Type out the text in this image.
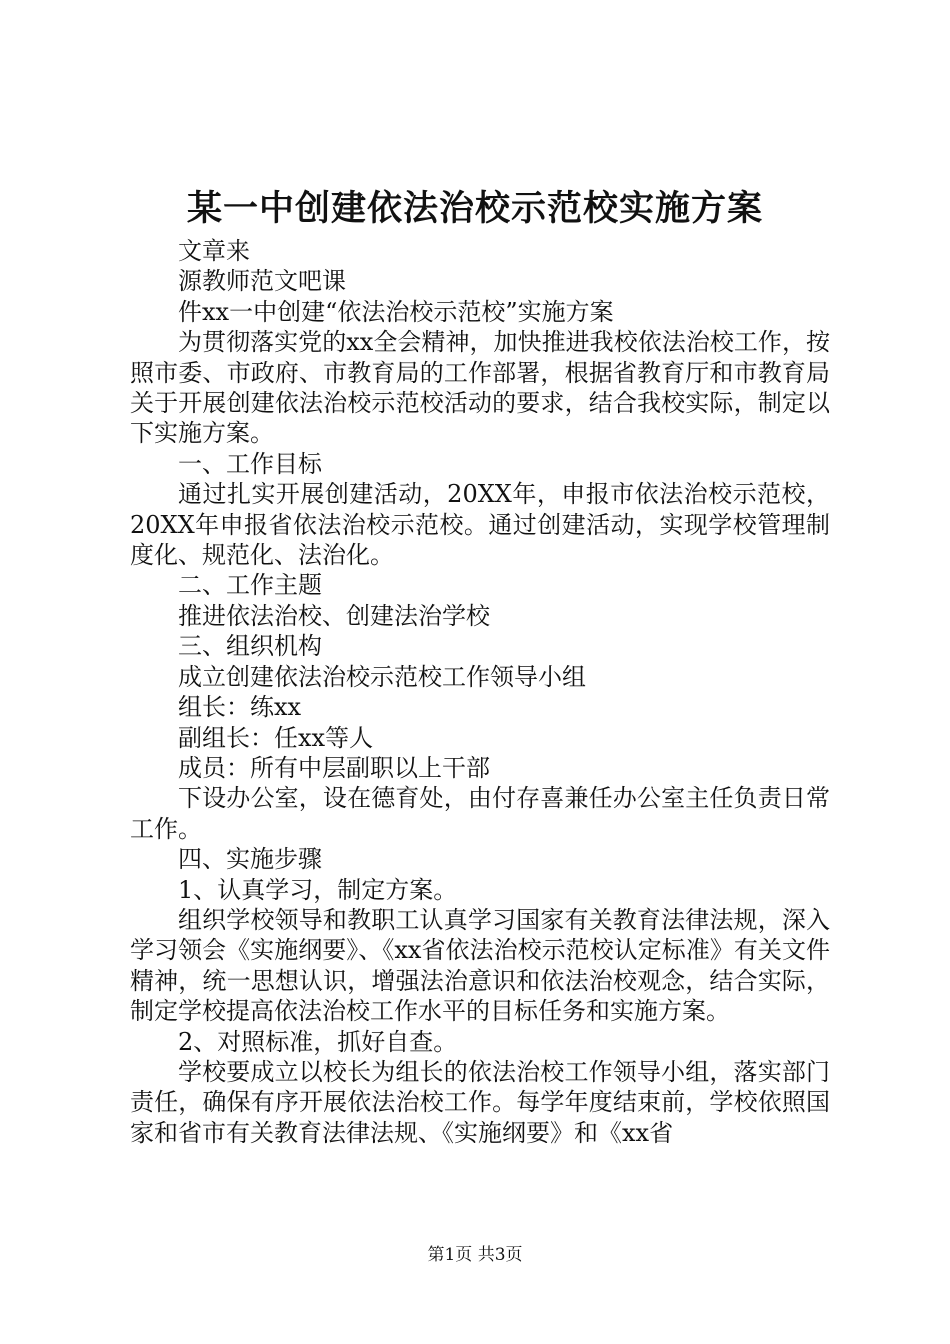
某一中创建依法治校示范校实施方案

文章来

源教师范文吧课

件xx一中创建“依法治校示范校”实施方案

为贯彻落实党的xx全会精神，加快推进我校依法治校工作，按照市委、市政府、市教育局的工作部署，根据省教育厅和市教育局关于开展创建依法治校示范校活动的要求，结合我校实际，制定以下实施方案。

一、工作目标

通过扎实开展创建活动，20XX年，申报市依法治校示范校，20XX年申报省依法治校示范校。通过创建活动，实现学校管理制度化、规范化、法治化。

二、工作主题

推进依法治校、创建法治学校

三、组织机构

成立创建依法治校示范校工作领导小组

组长：练xx

副组长：任xx等人

成员：所有中层副职以上干部

下设办公室，设在德育处，由付存喜兼任办公室主任负责日常工作。

四、实施步骤

1、认真学习，制定方案。

组织学校领导和教职工认真学习国家有关教育法律法规，深入学习领会《实施纲要》、《xx省依法治校示范校认定标准》有关文件精神，统一思想认识，增强法治意识和依法治校观念，结合实际，制定学校提高依法治校工作水平的目标任务和实施方案。

2、对照标准，抓好自查。

学校要成立以校长为组长的依法治校工作领导小组，落实部门责任，确保有序开展依法治校工作。每学年度结束前，学校依照国家和省市有关教育法律法规、《实施纲要》和《xx省

第1页 共3页
